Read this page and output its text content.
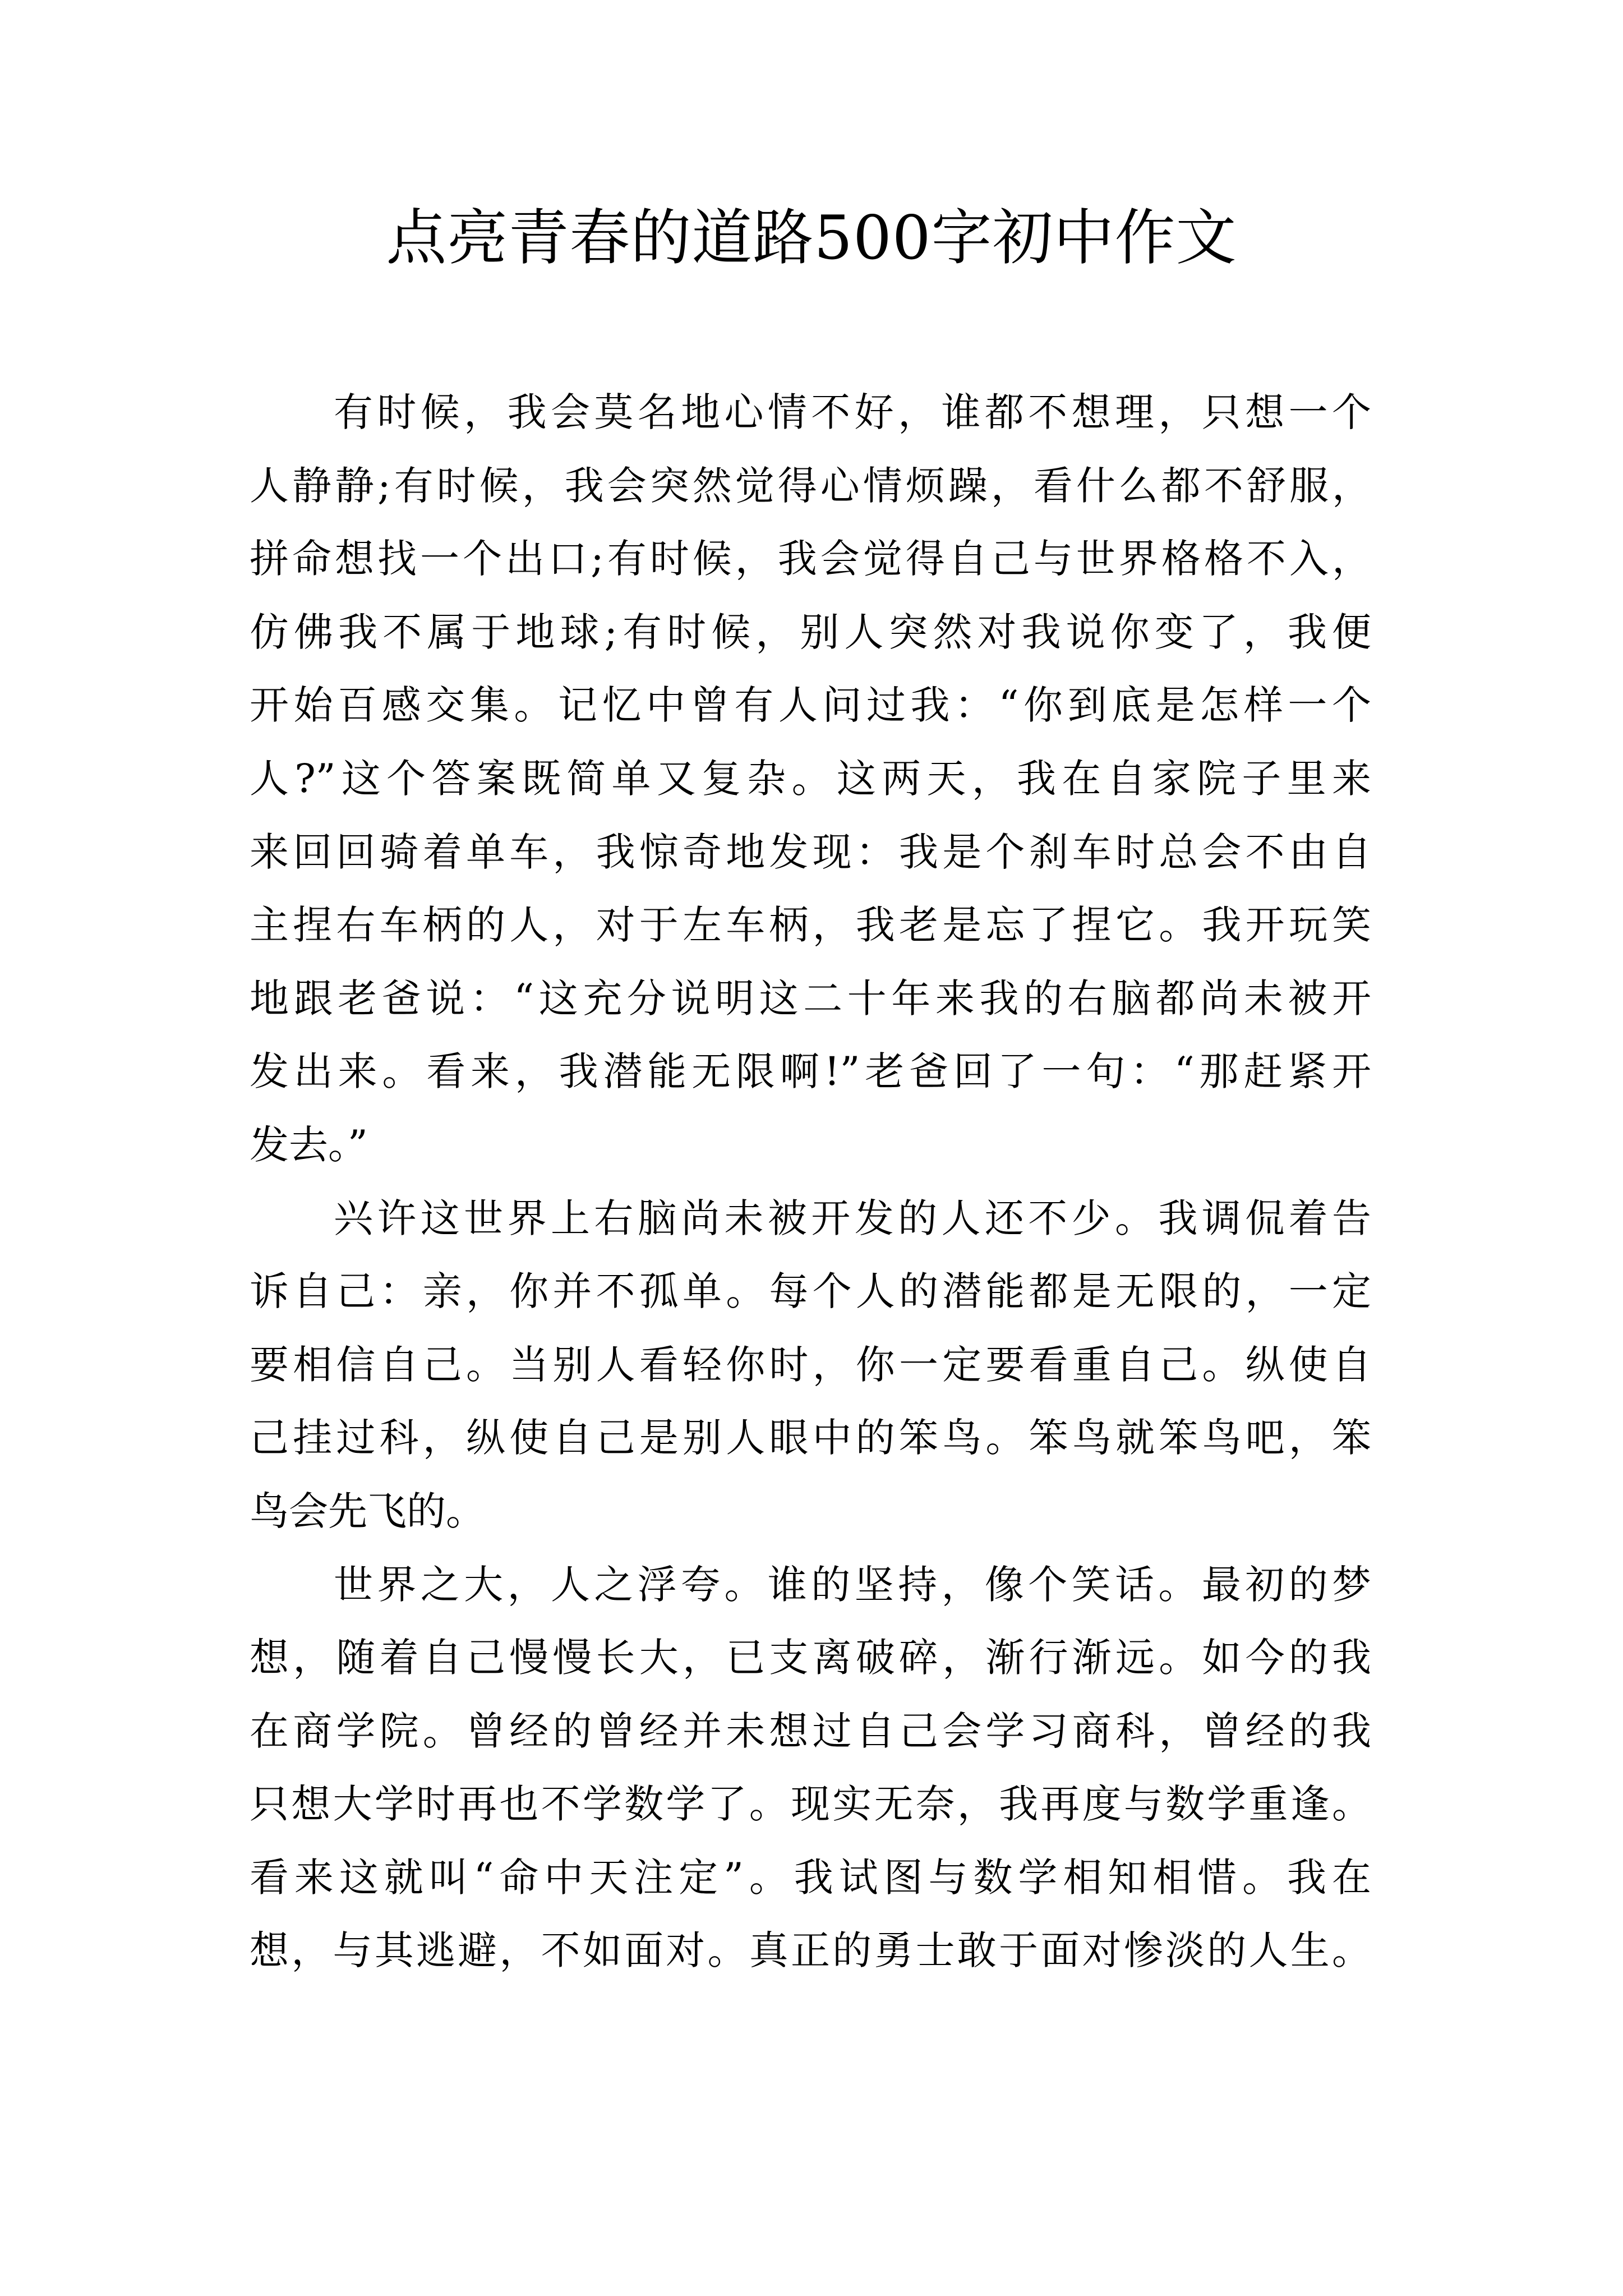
点亮青春的道路500字初中作文
有时候，我会莫名地心情不好，谁都不想理，只想一个
人静静;有时候，我会突然觉得心情烦躁，看什么都不舒服，
拼命想找一个出口;有时候，我会觉得自己与世界格格不入，
仿佛我不属于地球;有时候，别人突然对我说你变了，我便
开始百感交集。记忆中曾有人问过我：“你到底是怎样一个
人?”这个答案既简单又复杂。这两天，我在自家院子里来
来回回骑着单车，我惊奇地发现：我是个刹车时总会不由自
主捏右车柄的人，对于左车柄，我老是忘了捏它。我开玩笑
地跟老爸说：“这充分说明这二十年来我的右脑都尚未被开
发出来。看来，我潜能无限啊!”老爸回了一句：“那赶紧开
发去。”
兴许这世界上右脑尚未被开发的人还不少。我调侃着告
诉自己：亲，你并不孤单。每个人的潜能都是无限的，一定
要相信自己。当别人看轻你时，你一定要看重自己。纵使自
己挂过科，纵使自己是别人眼中的笨鸟。笨鸟就笨鸟吧，笨
鸟会先飞的。
世界之大，人之浮夸。谁的坚持，像个笑话。最初的梦
想，随着自己慢慢长大，已支离破碎，渐行渐远。如今的我
在商学院。曾经的曾经并未想过自己会学习商科，曾经的我
只想大学时再也不学数学了。现实无奈，我再度与数学重逢。
看来这就叫“命中天注定”。我试图与数学相知相惜。我在
想，与其逃避，不如面对。真正的勇士敢于面对惨淡的人生。
